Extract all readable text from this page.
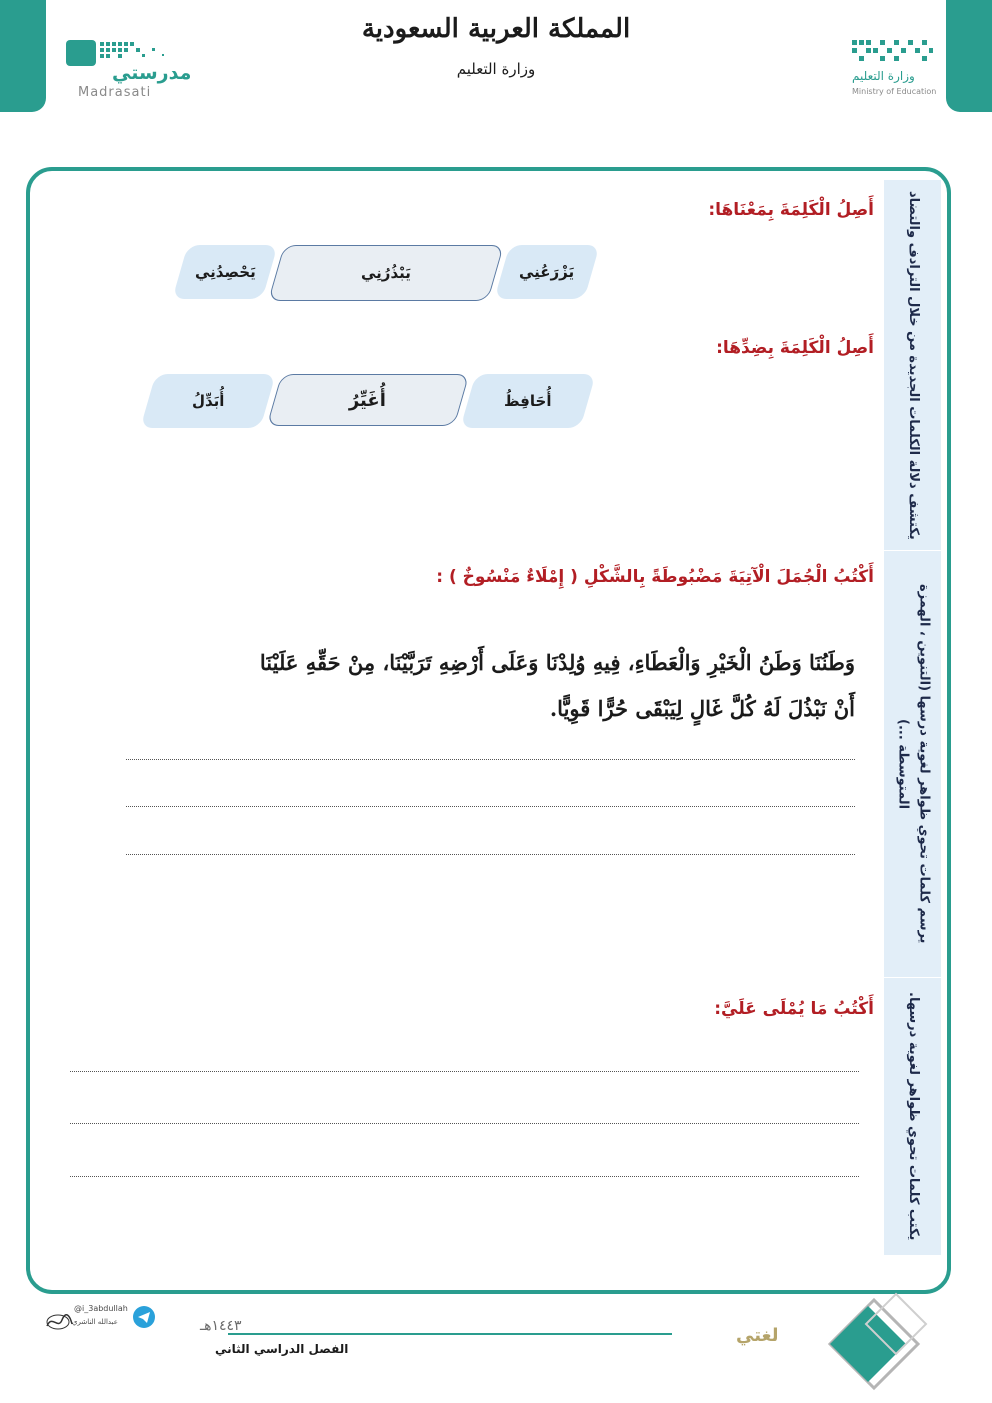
المملكة العربية السعودية
وزارة التعليم
مدرستي
Madrasati
وزارة التعليم
Ministry of Education
يكتشف دلالة الكلمات الجديدة من خلال الترادف والتضاد
يرسم كلمات تحوي ظواهر لغوية درسها (التنوين ، الهمزة المتوسطة ...)
يكتب كلمات تحوي ظواهر لغوية درسها.
أَصِلُ الْكَلِمَةَ بِمَعْنَاهَا:
يَزْرَعُنِي
يَبْذُرُنِي
يَحْصِدُنِي
أَصِلُ الْكَلِمَةَ بِضِدِّهَا:
أُحَافِظُ
أُغَيِّرُ
أُبَدِّلُ
أَكْتُبُ الْجُمَلَ الْآتِيَةَ مَضْبُوطَةً بِالشَّكْلِ ( إِمْلَاءٌ مَنْسُوخٌ ) :
وَطَنُنَا وَطَنُ الْخَيْرِ وَالْعَطَاءِ، فِيهِ وُلِدْنَا وَعَلَى أَرْضِهِ تَرَبَّيْنَا، مِنْ حَقِّهِ عَلَيْنَا
أَنْ نَبْذُلَ لَهُ كُلَّ غَالٍ لِيَبْقَى حُرًّا قَوِيًّا.
أَكْتُبُ مَا يُمْلَى عَلَيَّ:
١٤٤٣هـ
الفصل الدراسي الثاني
لغتي
@i_3abdullah
عبدالله الناشري
